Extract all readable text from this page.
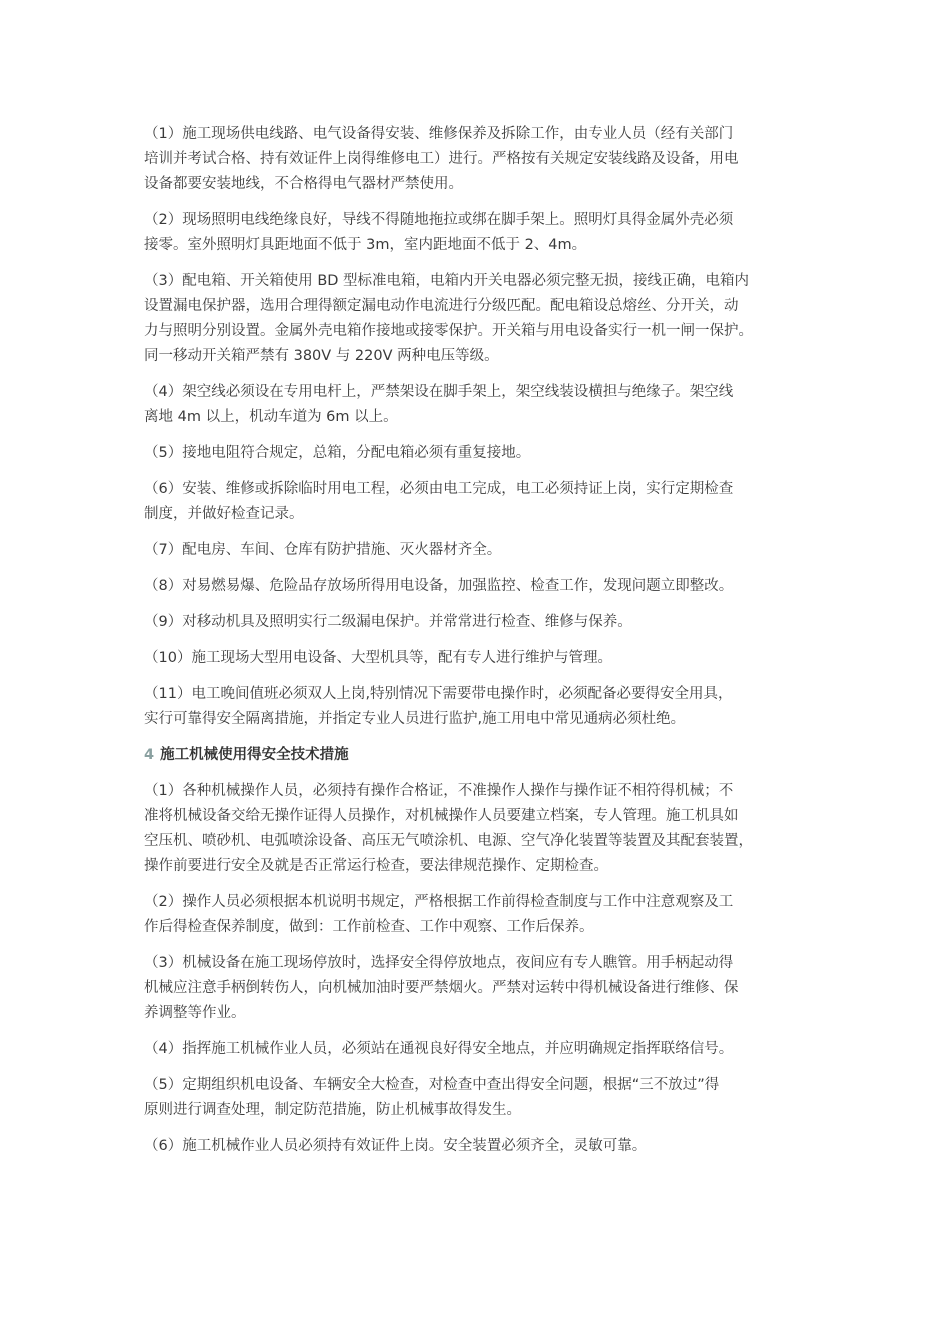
（1）施工现场供电线路、电气设备得安装、维修保养及拆除工作，由专业人员（经有关部门
培训并考试合格、持有效证件上岗得维修电工）进行。严格按有关规定安装线路及设备，用电
设备都要安装地线，不合格得电气器材严禁使用。

（2）现场照明电线绝缘良好，导线不得随地拖拉或绑在脚手架上。照明灯具得金属外壳必须
接零。室外照明灯具距地面不低于 3m，室内距地面不低于 2、4m。

（3）配电箱、开关箱使用 BD 型标准电箱，电箱内开关电器必须完整无损，接线正确，电箱内
设置漏电保护器，选用合理得额定漏电动作电流进行分级匹配。配电箱设总熔丝、分开关，动
力与照明分别设置。金属外壳电箱作接地或接零保护。开关箱与用电设备实行一机一闸一保护。
同一移动开关箱严禁有 380V 与 220V 两种电压等级。

（4）架空线必须设在专用电杆上，严禁架设在脚手架上，架空线装设横担与绝缘子。架空线
离地 4m 以上，机动车道为 6m 以上。

（5）接地电阻符合规定，总箱，分配电箱必须有重复接地。

（6）安装、维修或拆除临时用电工程，必须由电工完成，电工必须持证上岗，实行定期检查
制度，并做好检查记录。

（7）配电房、车间、仓库有防护措施、灭火器材齐全。

（8）对易燃易爆、危险品存放场所得用电设备，加强监控、检查工作，发现问题立即整改。

（9）对移动机具及照明实行二级漏电保护。并常常进行检查、维修与保养。

（10）施工现场大型用电设备、大型机具等，配有专人进行维护与管理。

（11）电工晚间值班必须双人上岗,特别情况下需要带电操作时，必须配备必要得安全用具，
实行可靠得安全隔离措施，并指定专业人员进行监护,施工用电中常见通病必须杜绝。

4 施工机械使用得安全技术措施

（1）各种机械操作人员，必须持有操作合格证，不准操作人操作与操作证不相符得机械；不
准将机械设备交给无操作证得人员操作，对机械操作人员要建立档案，专人管理。施工机具如
空压机、喷砂机、电弧喷涂设备、高压无气喷涂机、电源、空气净化装置等装置及其配套装置，
操作前要进行安全及就是否正常运行检查，要法律规范操作、定期检查。

（2）操作人员必须根据本机说明书规定，严格根据工作前得检查制度与工作中注意观察及工
作后得检查保养制度，做到：工作前检查、工作中观察、工作后保养。

（3）机械设备在施工现场停放时，选择安全得停放地点，夜间应有专人瞧管。用手柄起动得
机械应注意手柄倒转伤人，向机械加油时要严禁烟火。严禁对运转中得机械设备进行维修、保
养调整等作业。

（4）指挥施工机械作业人员，必须站在通视良好得安全地点，并应明确规定指挥联络信号。

（5）定期组织机电设备、车辆安全大检查，对检查中查出得安全问题，根据“三不放过”得
原则进行调查处理，制定防范措施，防止机械事故得发生。

（6）施工机械作业人员必须持有效证件上岗。安全装置必须齐全，灵敏可靠。
